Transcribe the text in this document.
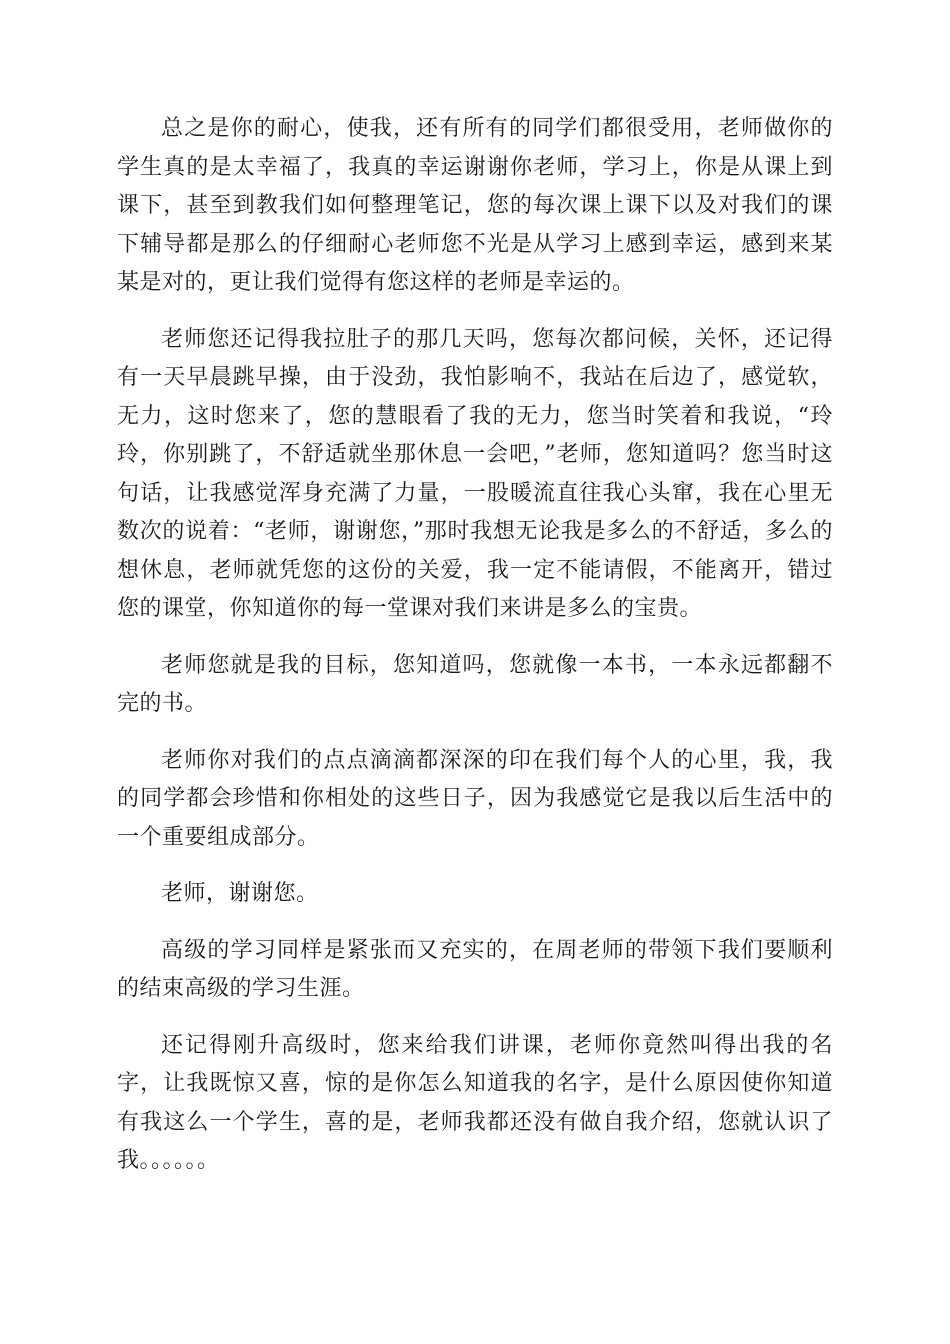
总之是你的耐心，使我，还有所有的同学们都很受用，老师做你的学生真的是太幸福了，我真的幸运谢谢你老师，学习上，你是从课上到课下，甚至到教我们如何整理笔记，您的每次课上课下以及对我们的课下辅导都是那么的仔细耐心老师您不光是从学习上感到幸运，感到来某某是对的，更让我们觉得有您这样的老师是幸运的。

老师您还记得我拉肚子的那几天吗，您每次都问候，关怀，还记得有一天早晨跳早操，由于没劲，我怕影响不，我站在后边了，感觉软，无力，这时您来了，您的慧眼看了我的无力，您当时笑着和我说，“玲玲，你别跳了，不舒适就坐那休息一会吧，”老师，您知道吗？您当时这句话，让我感觉浑身充满了力量，一股暖流直往我心头窜，我在心里无数次的说着：“老师，谢谢您，”那时我想无论我是多么的不舒适，多么的想休息，老师就凭您的这份的关爱，我一定不能请假，不能离开，错过您的课堂，你知道你的每一堂课对我们来讲是多么的宝贵。

老师您就是我的目标，您知道吗，您就像一本书，一本永远都翻不完的书。

老师你对我们的点点滴滴都深深的印在我们每个人的心里，我，我的同学都会珍惜和你相处的这些日子，因为我感觉它是我以后生活中的一个重要组成部分。

老师，谢谢您。

高级的学习同样是紧张而又充实的，在周老师的带领下我们要顺利的结束高级的学习生涯。

还记得刚升高级时，您来给我们讲课，老师你竟然叫得出我的名字，让我既惊又喜，惊的是你怎么知道我的名字，是什么原因使你知道有我这么一个学生，喜的是，老师我都还没有做自我介绍，您就认识了我。。。。。。
